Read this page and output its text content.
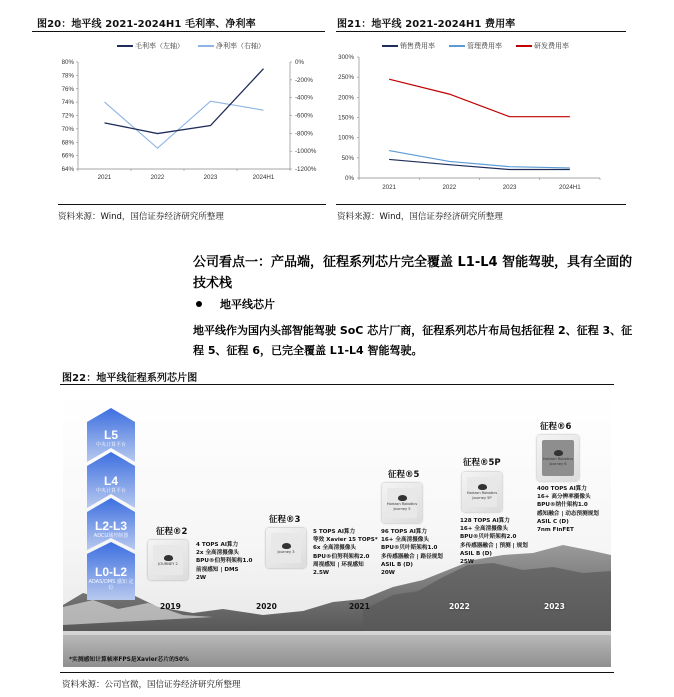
图20：地平线 2021-2024H1 毛利率、净利率
毛利率（左轴）	净利率（右轴）
64%
66%
68%
70%
72%
74%
76%
78%
80%
-1200%
-1000%
-800%
-600%
-400%
-200%
0%
2021	2022	2023	2024H1
资料来源：Wind，国信证券经济研究所整理
图21：地平线 2021-2024H1 费用率
销售费用率	管理费用率	研发费用率
0%
50%
100%
150%
200%
250%
300%
2021	2022	2023	2024H1
资料来源：Wind，国信证券经济研究所整理
公司看点一：产品端，征程系列芯片完全覆盖 L1-L4 智能驾驶，具有全面的技术栈
地平线芯片
地平线作为国内头部智能驾驶 SoC 芯片厂商，征程系列芯片布局包括征程 2、征程 3、征程 5、征程 6，已完全覆盖 L1-L4 智能驾驶。
图22：地平线征程系列芯片图
L5
中央计算平台
L4
中央计算平台
L2-L3
ADCU域控制器
L0-L2
ADAS/DMS 感知 定位
征程®2
JOURNEY 2
4 TOPS AI算力
2x 全高清摄像头
BPU®伯努利架构1.0
前视感知 | DMS
2W
征程®3
Journey 3
5 TOPS AI算力
等效 Xavier 15 TOPS*
6x 全高清摄像头
BPU®伯努利架构2.0
周视感知 | 环视感知
2.5W
征程®5
Horizon Robotics
Journey 5
96 TOPS AI算力
16+ 全高清摄像头
BPU®贝叶斯架构1.0
多传感器融合 | 路径规划
ASIL B (D)
20W
征程®5P
Horizon Robotics
Journey 5P
128 TOPS AI算力
16+ 全高清摄像头
BPU®贝叶斯架构2.0
多传感器融合 | 预测 | 规划
ASIL B (D)
25W
征程®6
Horizon Robotics
Journey 6
400 TOPS AI算力
16+ 高分辨率摄像头
BPU®纳什架构1.0
感知融合 | 动态预测规划
ASIL C (D)
7nm FinFET
2019	2020	2021	2022	2023
*实测感知计算帧率FPS是Xavier芯片的50%
资料来源：公司官微，国信证券经济研究所整理
